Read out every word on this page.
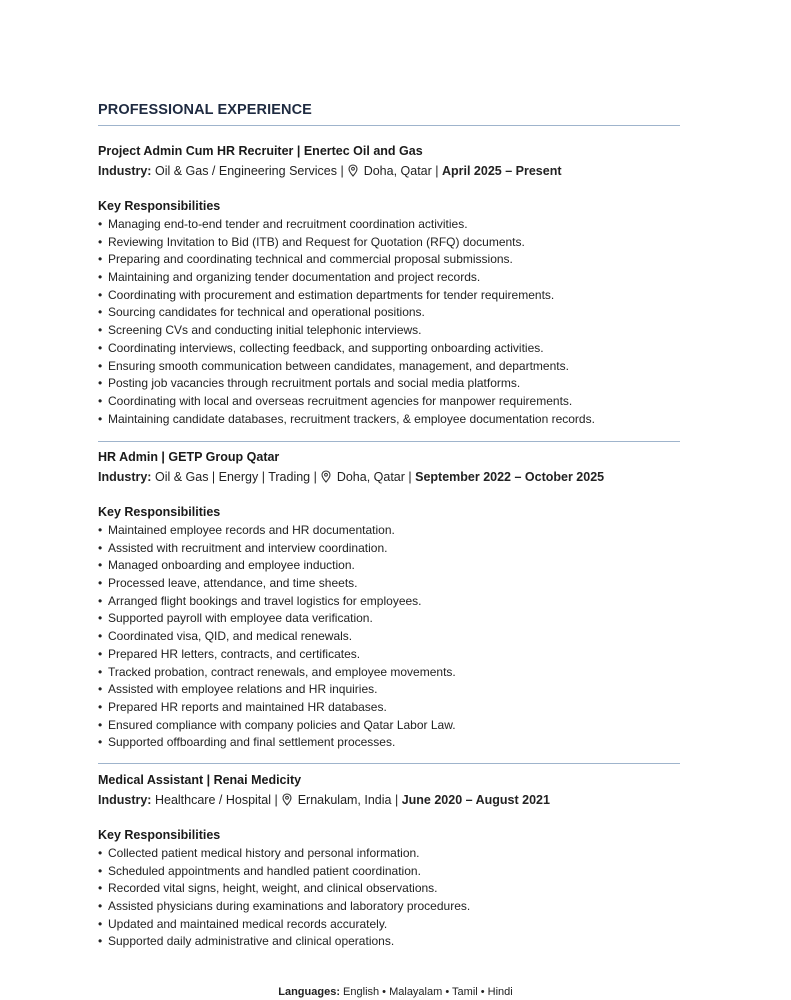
PROFESSIONAL EXPERIENCE
Project Admin Cum HR Recruiter | Enertec Oil and Gas
Industry: Oil & Gas / Engineering Services | Doha, Qatar | April 2025 – Present
Key Responsibilities
• Managing end-to-end tender and recruitment coordination activities.
• Reviewing Invitation to Bid (ITB) and Request for Quotation (RFQ) documents.
• Preparing and coordinating technical and commercial proposal submissions.
• Maintaining and organizing tender documentation and project records.
• Coordinating with procurement and estimation departments for tender requirements.
• Sourcing candidates for technical and operational positions.
• Screening CVs and conducting initial telephonic interviews.
• Coordinating interviews, collecting feedback, and supporting onboarding activities.
• Ensuring smooth communication between candidates, management, and departments.
• Posting job vacancies through recruitment portals and social media platforms.
• Coordinating with local and overseas recruitment agencies for manpower requirements.
• Maintaining candidate databases, recruitment trackers, & employee documentation records.
HR Admin | GETP Group Qatar
Industry: Oil & Gas | Energy | Trading | Doha, Qatar | September 2022 – October 2025
Key Responsibilities
• Maintained employee records and HR documentation.
• Assisted with recruitment and interview coordination.
• Managed onboarding and employee induction.
• Processed leave, attendance, and time sheets.
• Arranged flight bookings and travel logistics for employees.
• Supported payroll with employee data verification.
• Coordinated visa, QID, and medical renewals.
• Prepared HR letters, contracts, and certificates.
• Tracked probation, contract renewals, and employee movements.
• Assisted with employee relations and HR inquiries.
• Prepared HR reports and maintained HR databases.
• Ensured compliance with company policies and Qatar Labor Law.
• Supported offboarding and final settlement processes.
Medical Assistant | Renai Medicity
Industry: Healthcare / Hospital | Ernakulam, India | June 2020 – August 2021
Key Responsibilities
• Collected patient medical history and personal information.
• Scheduled appointments and handled patient coordination.
• Recorded vital signs, height, weight, and clinical observations.
• Assisted physicians during examinations and laboratory procedures.
• Updated and maintained medical records accurately.
• Supported daily administrative and clinical operations.
Languages: English • Malayalam • Tamil • Hindi
